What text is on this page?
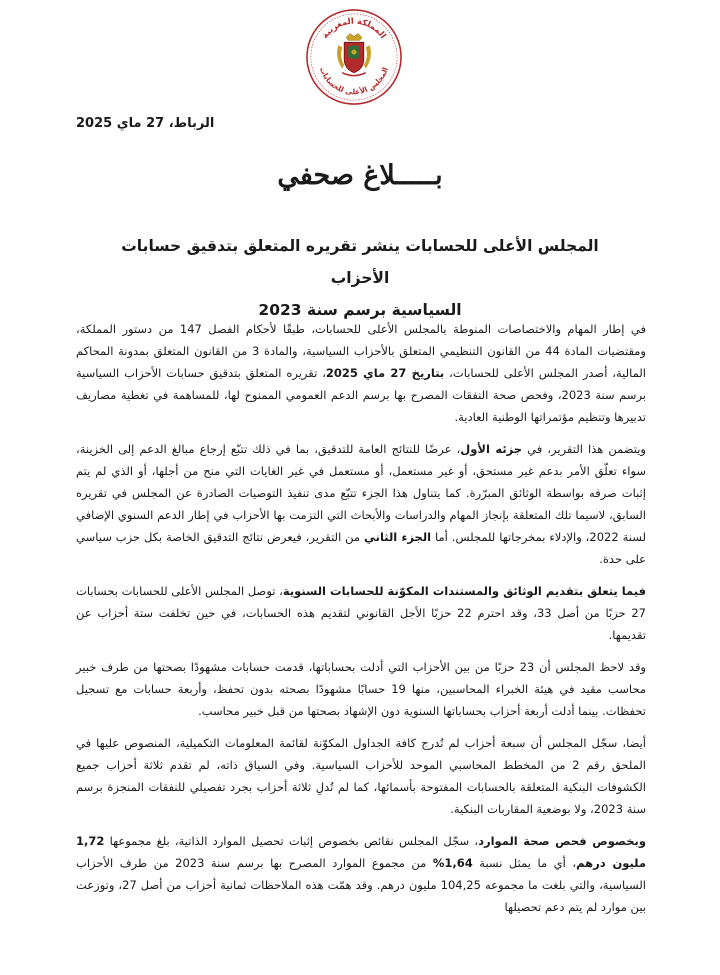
المملكة المغربية
المجلس الأعلى للحسابات
الرباط، 27 ماي 2025
بـــــلاغ صحفي
المجلس الأعلى للحسابات ينشر تقريره المتعلق بتدقيق حسابات الأحزاب
السياسية برسم سنة 2023

في إطار المهام والاختصاصات المنوطة بالمجلس الأعلى للحسابات، طبقًا لأحكام الفصل 147 من دستور المملكة، ومقتضيات المادة 44 من القانون التنظيمي المتعلق بالأحزاب السياسية، والمادة 3 من القانون المتعلق بمدونة المحاكم المالية، أصدر المجلس الأعلى للحسابات، بتاريخ 27 ماي 2025، تقريره المتعلق بتدقيق حسابات الأحزاب السياسية برسم سنة 2023، وفحص صحة النفقات المصرح بها برسم الدعم العمومي الممنوح لها، للمساهمة في تغطية مصاريف تدبيرها وتنظيم مؤتمراتها الوطنية العادية.

ويتضمن هذا التقرير، في جزئه الأول، عرضًا للنتائج العامة للتدقيق، بما في ذلك تتبّع إرجاع مبالغ الدعم إلى الخزينة، سواء تعلّق الأمر بدعم غير مستحق، أو غير مستعمل، أو مستعمل في غير الغايات التي منح من أجلها، أو الذي لم يتم إثبات صرفه بواسطة الوثائق المبرّرة. كما يتناول هذا الجزء تتبّع مدى تنفيذ التوصيات الصادرة عن المجلس في تقريره السابق، لاسيما تلك المتعلقة بإنجاز المهام والدراسات والأبحاث التي التزمت بها الأحزاب في إطار الدعم السنوي الإضافي لسنة 2022، والإدلاء بمخرجاتها للمجلس. أما الجزء الثاني من التقرير، فيعرض نتائج التدقيق الخاصة بكل حزب سياسي على حدة.

فيما يتعلق بتقديم الوثائق والمستندات المكوّنة للحسابات السنوية، توصل المجلس الأعلى للحسابات بحسابات 27 حزبًا من أصل 33، وقد احترم 22 حزبًا الأجل القانوني لتقديم هذه الحسابات، في حين تخلفت ستة أحزاب عن تقديمها.

وقد لاحظ المجلس أن 23 حزبًا من بين الأحزاب التي أدلت بحساباتها، قدمت حسابات مشهودًا بصحتها من طرف خبير محاسب مقيد في هيئة الخبراء المحاسبين، منها 19 حسابًا مشهودًا بصحته بدون تحفظ، وأربعة حسابات مع تسجيل تحفظات. بينما أدلت أربعة أحزاب بحساباتها السنوية دون الإشهاد بصحتها من قبل خبير محاسب.

أيضا، سجّل المجلس أن سبعة أحزاب لم تُدرج كافة الجداول المكوّنة لقائمة المعلومات التكميلية، المنصوص عليها في الملحق رقم 2 من المخطط المحاسبي الموحد للأحزاب السياسية. وفي السياق ذاته، لم تقدم ثلاثة أحزاب جميع الكشوفات البنكية المتعلقة بالحسابات المفتوحة بأسمائها، كما لم تُدلِ ثلاثة أحزاب بجرد تفصيلي للنفقات المنجزة برسم سنة 2023، ولا بوضعية المقاربات البنكية.

وبخصوص فحص صحة الموارد، سجّل المجلس نقائص بخصوص إثبات تحصيل الموارد الذاتية، بلغ مجموعها 1,72 مليون درهم، أي ما يمثل نسبة 1,64% من مجموع الموارد المصرح بها برسم سنة 2023 من طرف الأحزاب السياسية، والتي بلغت ما مجموعه 104,25 مليون درهم. وقد همّت هذه الملاحظات ثمانية أحزاب من أصل 27، وتوزعت بين موارد لم يتم دعم تحصيلها
